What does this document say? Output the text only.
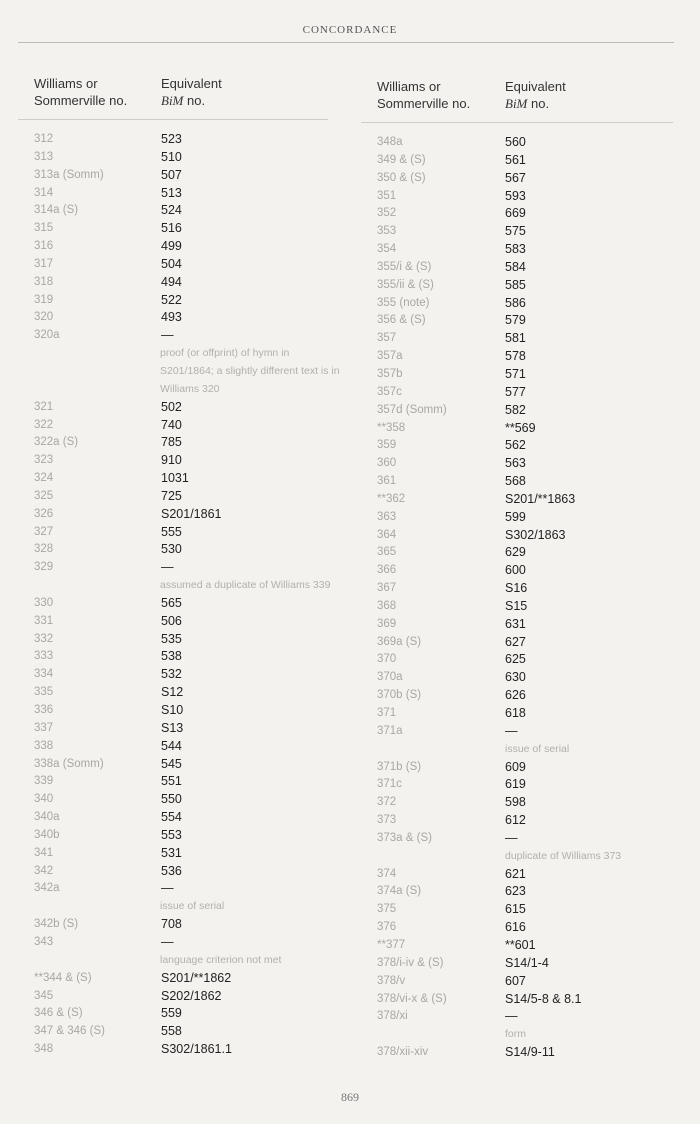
CONCORDANCE
Williams or
Sommerville no.
Equivalent
BiM no.
312	523
313	510
313a (Somm)	507
314	513
314a (S)	524
315	516
316	499
317	504
318	494
319	522
320	493
320a	—
proof (or offprint) of hymn in S201/1864; a slightly different text is in Williams 320
321	502
322	740
322a (S)	785
323	910
324	1031
325	725
326	S201/1861
327	555
328	530
329	—
assumed a duplicate of Williams 339
330	565
331	506
332	535
333	538
334	532
335	S12
336	S10
337	S13
338	544
338a (Somm)	545
339	551
340	550
340a	554
340b	553
341	531
342	536
342a	—
issue of serial
342b (S)	708
343	—
language criterion not met
**344 & (S)	S201/**1862
345	S202/1862
346 & (S)	559
347 & 346 (S)	558
348	S302/1861.1
Williams or
Sommerville no.
Equivalent
BiM no.
348a	560
349 & (S)	561
350 & (S)	567
351	593
352	669
353	575
354	583
355/i & (S)	584
355/ii & (S)	585
355 (note)	586
356 & (S)	579
357	581
357a	578
357b	571
357c	577
357d (Somm)	582
**358	**569
359	562
360	563
361	568
**362	S201/**1863
363	599
364	S302/1863
365	629
366	600
367	S16
368	S15
369	631
369a (S)	627
370	625
370a	630
370b (S)	626
371	618
371a	—
issue of serial
371b (S)	609
371c	619
372	598
373	612
373a & (S)	—
duplicate of Williams 373
374	621
374a (S)	623
375	615
376	616
**377	**601
378/i-iv & (S)	S14/1-4
378/v	607
378/vi-x & (S)	S14/5-8 & 8.1
378/xi	—
form
378/xii-xiv	S14/9-11
869
